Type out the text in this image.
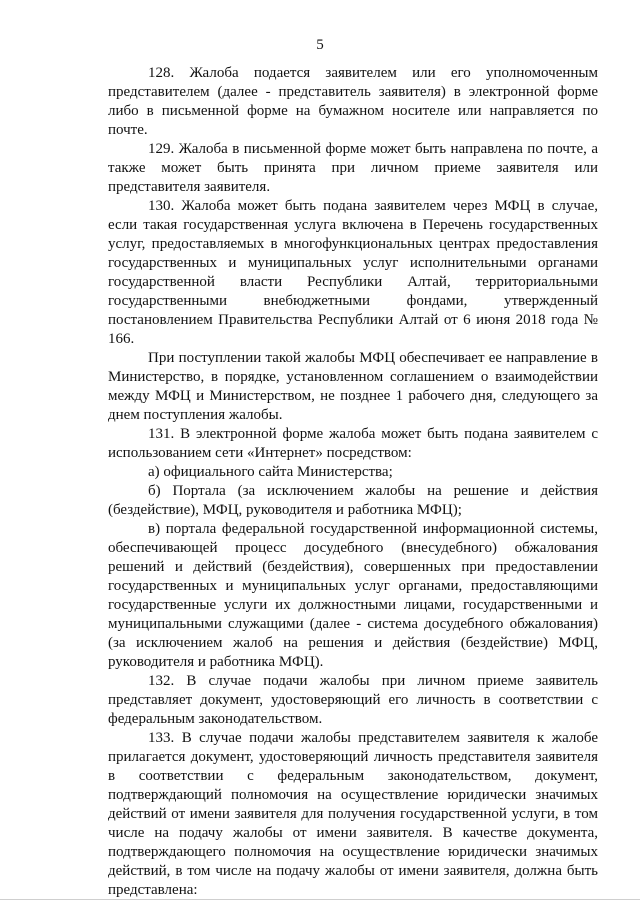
5

128. Жалоба подается заявителем или его уполномоченным представителем (далее - представитель заявителя) в электронной форме либо в письменной форме на бумажном носителе или направляется по почте.

129. Жалоба в письменной форме может быть направлена по почте, а также может быть принята при личном приеме заявителя или представителя заявителя.

130. Жалоба может быть подана заявителем через МФЦ в случае, если такая государственная услуга включена в Перечень государственных услуг, предоставляемых в многофункциональных центрах предоставления государственных и муниципальных услуг исполнительными органами государственной власти Республики Алтай, территориальными государственными внебюджетными фондами, утвержденный постановлением Правительства Республики Алтай от 6 июня 2018 года № 166.

При поступлении такой жалобы МФЦ обеспечивает ее направление в Министерство, в порядке, установленном соглашением о взаимодействии между МФЦ и Министерством, не позднее 1 рабочего дня, следующего за днем поступления жалобы.

131. В электронной форме жалоба может быть подана заявителем с использованием сети «Интернет» посредством:

а) официального сайта Министерства;

б) Портала (за исключением жалобы на решение и действия (бездействие), МФЦ, руководителя и работника МФЦ);

в) портала федеральной государственной информационной системы, обеспечивающей процесс досудебного (внесудебного) обжалования решений и действий (бездействия), совершенных при предоставлении государственных и муниципальных услуг органами, предоставляющими государственные услуги их должностными лицами, государственными и муниципальными служащими (далее - система досудебного обжалования) (за исключением жалоб на решения и действия (бездействие) МФЦ, руководителя и работника МФЦ).

132. В случае подачи жалобы при личном приеме заявитель представляет документ, удостоверяющий его личность в соответствии с федеральным законодательством.

133. В случае подачи жалобы представителем заявителя к жалобе прилагается документ, удостоверяющий личность представителя заявителя в соответствии с федеральным законодательством, документ, подтверждающий полномочия на осуществление юридически значимых действий от имени заявителя для получения государственной услуги, в том числе на подачу жалобы от имени заявителя. В качестве документа, подтверждающего полномочия на осуществление юридически значимых действий, в том числе на подачу жалобы от имени заявителя, должна быть представлена:
